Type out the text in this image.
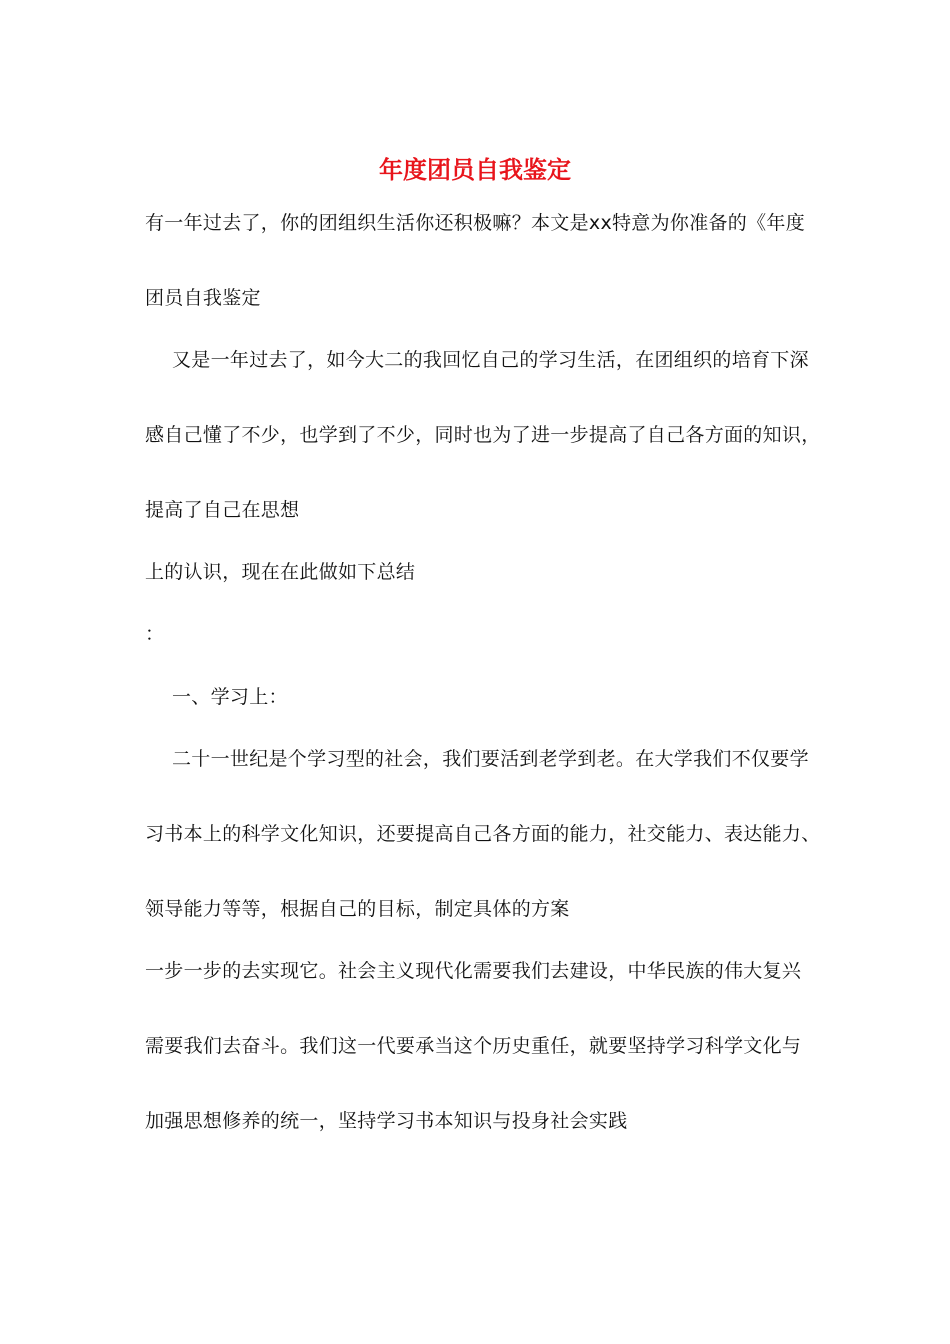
年度团员自我鉴定
有一年过去了，你的团组织生活你还积极嘛？本文是xx特意为你准备的《年度
团员自我鉴定
又是一年过去了，如今大二的我回忆自己的学习生活，在团组织的培育下深
感自己懂了不少，也学到了不少，同时也为了进一步提高了自己各方面的知识，
提高了自己在思想
上的认识，现在在此做如下总结
：
一、学习上：
二十一世纪是个学习型的社会，我们要活到老学到老。在大学我们不仅要学
习书本上的科学文化知识，还要提高自己各方面的能力，社交能力、表达能力、
领导能力等等，根据自己的目标，制定具体的方案
一步一步的去实现它。社会主义现代化需要我们去建设，中华民族的伟大复兴
需要我们去奋斗。我们这一代要承当这个历史重任，就要坚持学习科学文化与
加强思想修养的统一，坚持学习书本知识与投身社会实践
